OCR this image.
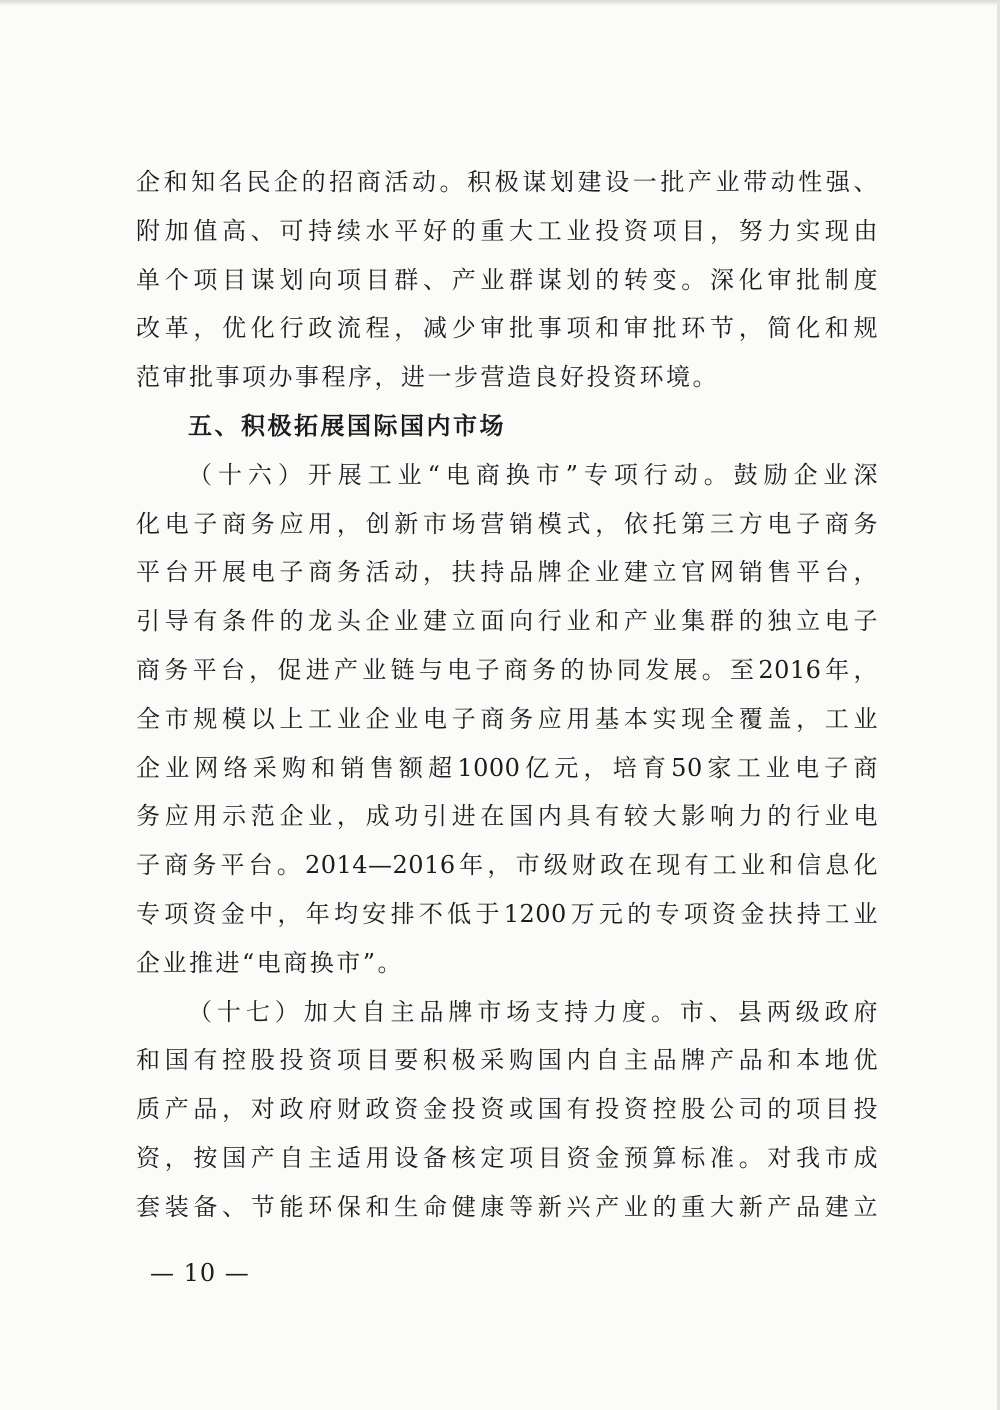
企和知名民企的招商活动。积极谋划建设一批产业带动性强、
附加值高、可持续水平好的重大工业投资项目，努力实现由
单个项目谋划向项目群、产业群谋划的转变。深化审批制度
改革，优化行政流程，减少审批事项和审批环节，简化和规
范审批事项办事程序，进一步营造良好投资环境。
五、积极拓展国际国内市场
（十六）开展工业“电商换市”专项行动。鼓励企业深
化电子商务应用，创新市场营销模式，依托第三方电子商务
平台开展电子商务活动，扶持品牌企业建立官网销售平台，
引导有条件的龙头企业建立面向行业和产业集群的独立电子
商务平台，促进产业链与电子商务的协同发展。至2016年，
全市规模以上工业企业电子商务应用基本实现全覆盖，工业
企业网络采购和销售额超1000亿元，培育50家工业电子商
务应用示范企业，成功引进在国内具有较大影响力的行业电
子商务平台。2014—2016年，市级财政在现有工业和信息化
专项资金中，年均安排不低于1200万元的专项资金扶持工业
企业推进“电商换市”。
（十七）加大自主品牌市场支持力度。市、县两级政府
和国有控股投资项目要积极采购国内自主品牌产品和本地优
质产品，对政府财政资金投资或国有投资控股公司的项目投
资，按国产自主适用设备核定项目资金预算标准。对我市成
套装备、节能环保和生命健康等新兴产业的重大新产品建立
— 10 —
